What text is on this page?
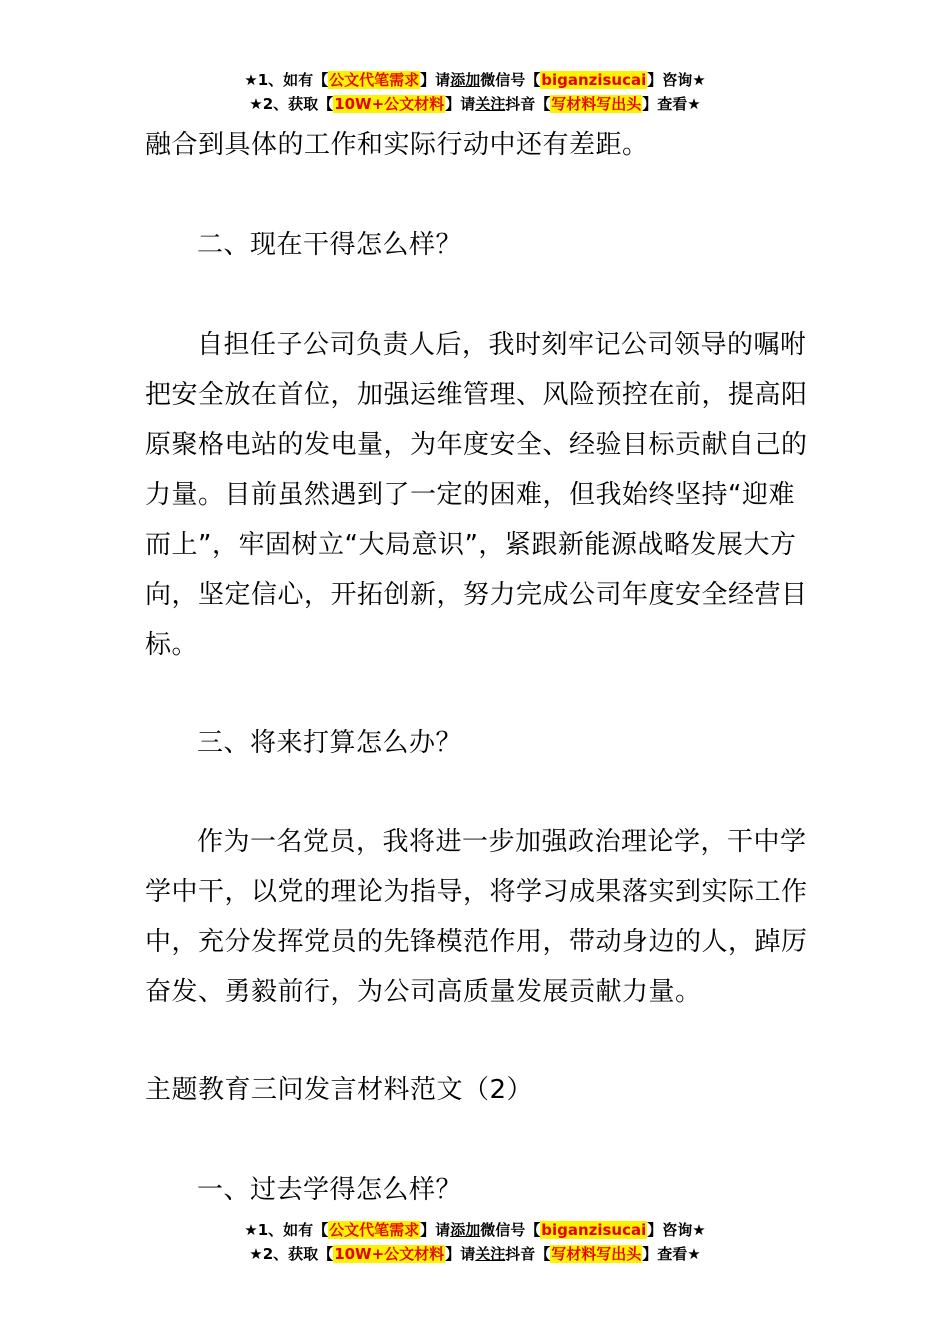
★1、如有【公文代笔需求】请添加微信号【biganzisucai】咨询★
★2、获取【10W+公文材料】请关注抖音【写材料写出头】查看★

融合到具体的工作和实际行动中还有差距。

二、现在干得怎么样？

自担任子公司负责人后，我时刻牢记公司领导的嘱咐把安全放在首位，加强运维管理、风险预控在前，提高阳原聚格电站的发电量，为年度安全、经验目标贡献自己的力量。目前虽然遇到了一定的困难，但我始终坚持“迎难而上”，牢固树立“大局意识”，紧跟新能源战略发展大方向，坚定信心，开拓创新，努力完成公司年度安全经营目标。

三、将来打算怎么办？

作为一名党员，我将进一步加强政治理论学，干中学学中干，以党的理论为指导，将学习成果落实到实际工作中，充分发挥党员的先锋模范作用，带动身边的人，踔厉奋发、勇毅前行，为公司高质量发展贡献力量。

主题教育三问发言材料范文（2）

一、过去学得怎么样？

★1、如有【公文代笔需求】请添加微信号【biganzisucai】咨询★
★2、获取【10W+公文材料】请关注抖音【写材料写出头】查看★
